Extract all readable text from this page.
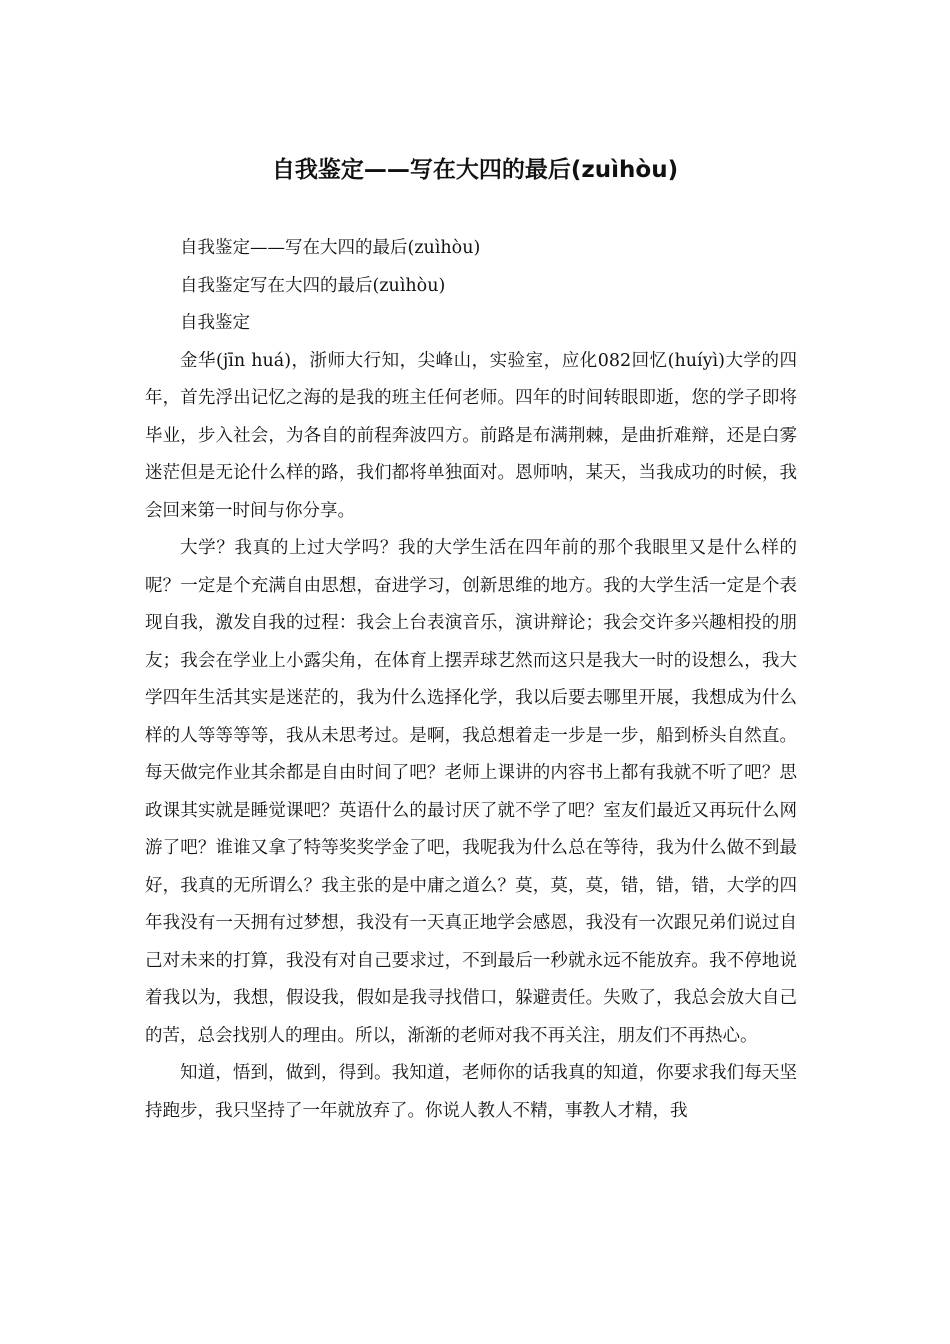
自我鉴定——写在大四的最后(zuìhòu)

自我鉴定——写在大四的最后(zuìhòu)

自我鉴定写在大四的最后(zuìhòu)

自我鉴定

金华(jīn huá)，浙师大行知，尖峰山，实验室，应化082回忆(huíyì)大学的四年，首先浮出记忆之海的是我的班主任何老师。四年的时间转眼即逝，您的学子即将毕业，步入社会，为各自的前程奔波四方。前路是布满荆棘，是曲折难辩，还是白雾迷茫但是无论什么样的路，我们都将单独面对。恩师呐，某天，当我成功的时候，我会回来第一时间与你分享。

大学？我真的上过大学吗？我的大学生活在四年前的那个我眼里又是什么样的呢？一定是个充满自由思想，奋进学习，创新思维的地方。我的大学生活一定是个表现自我，激发自我的过程：我会上台表演音乐，演讲辩论；我会交许多兴趣相投的朋友；我会在学业上小露尖角，在体育上摆弄球艺然而这只是我大一时的设想么，我大学四年生活其实是迷茫的，我为什么选择化学，我以后要去哪里开展，我想成为什么样的人等等等等，我从未思考过。是啊，我总想着走一步是一步，船到桥头自然直。每天做完作业其余都是自由时间了吧？老师上课讲的内容书上都有我就不听了吧？思政课其实就是睡觉课吧？英语什么的最讨厌了就不学了吧？室友们最近又再玩什么网游了吧？谁谁又拿了特等奖奖学金了吧，我呢我为什么总在等待，我为什么做不到最好，我真的无所谓么？我主张的是中庸之道么？莫，莫，莫，错，错，错，大学的四年我没有一天拥有过梦想，我没有一天真正地学会感恩，我没有一次跟兄弟们说过自己对未来的打算，我没有对自己要求过，不到最后一秒就永远不能放弃。我不停地说着我以为，我想，假设我，假如是我寻找借口，躲避责任。失败了，我总会放大自己的苦，总会找别人的理由。所以，渐渐的老师对我不再关注，朋友们不再热心。

知道，悟到，做到，得到。我知道，老师你的话我真的知道，你要求我们每天坚持跑步，我只坚持了一年就放弃了。你说人教人不精，事教人才精，我
